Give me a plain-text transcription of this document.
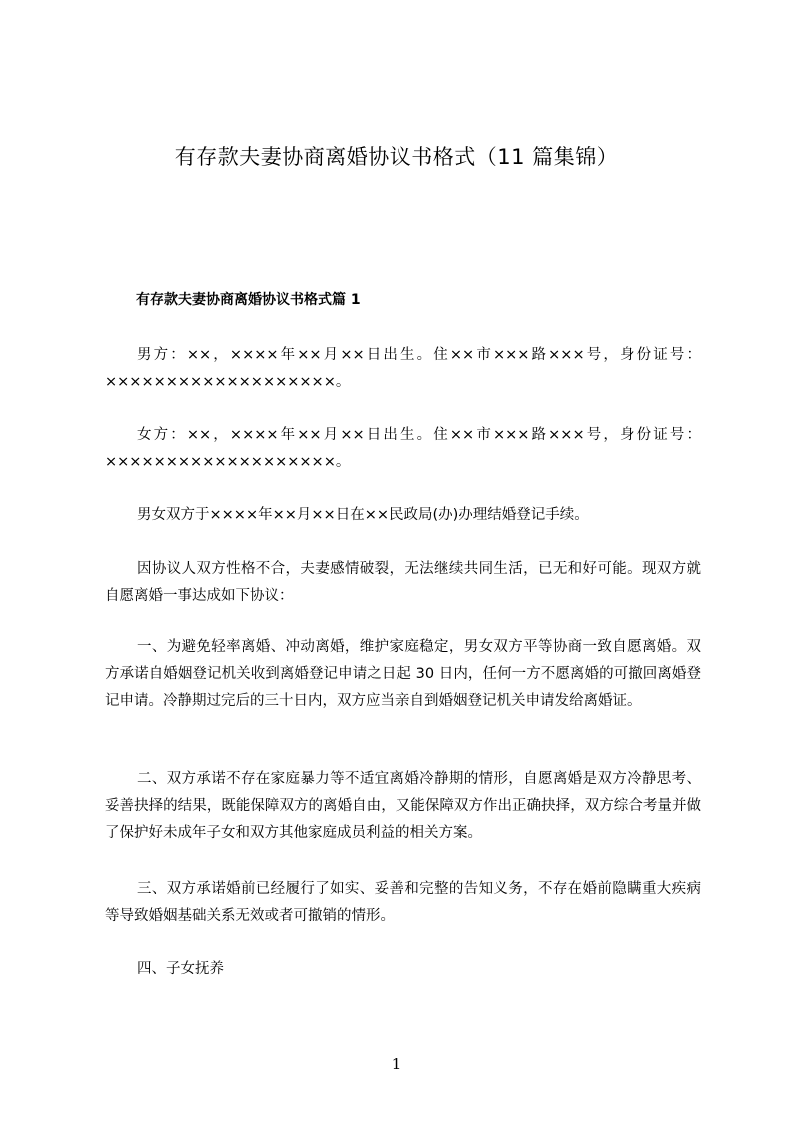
有存款夫妻协商离婚协议书格式（11 篇集锦）
有存款夫妻协商离婚协议书格式篇 1

男方：××，××××年××月××日出生。住××市×××路×××号，身份证号：×××××××××××××××××××。

女方：××，××××年××月××日出生。住××市×××路×××号，身份证号：×××××××××××××××××××。

男女双方于××××年××月××日在××民政局(办)办理结婚登记手续。

因协议人双方性格不合，夫妻感情破裂，无法继续共同生活，已无和好可能。现双方就自愿离婚一事达成如下协议：

一、为避免轻率离婚、冲动离婚，维护家庭稳定，男女双方平等协商一致自愿离婚。双方承诺自婚姻登记机关收到离婚登记申请之日起 30 日内，任何一方不愿离婚的可撤回离婚登记申请。冷静期过完后的三十日内，双方应当亲自到婚姻登记机关申请发给离婚证。

二、双方承诺不存在家庭暴力等不适宜离婚冷静期的情形，自愿离婚是双方冷静思考、妥善抉择的结果，既能保障双方的离婚自由，又能保障双方作出正确抉择，双方综合考量并做了保护好未成年子女和双方其他家庭成员利益的相关方案。

三、双方承诺婚前已经履行了如实、妥善和完整的告知义务，不存在婚前隐瞒重大疾病等导致婚姻基础关系无效或者可撤销的情形。

四、子女抚养

1
